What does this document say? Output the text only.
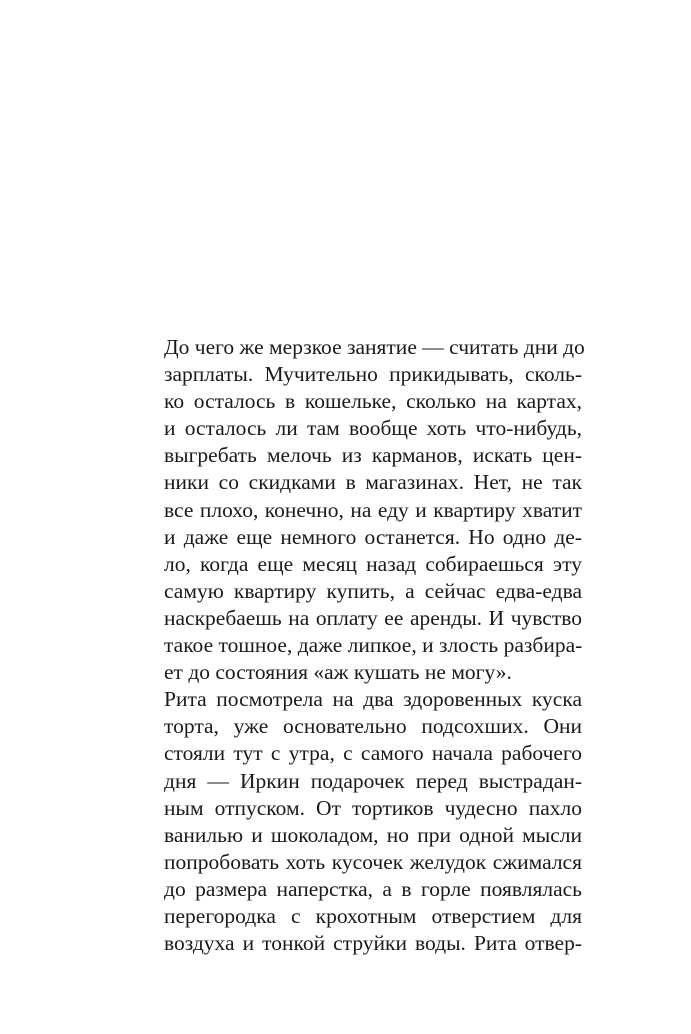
До чего же мерзкое занятие — считать дни до
зарплаты. Мучительно прикидывать, сколь-
ко осталось в кошельке, сколько на картах,
и осталось ли там вообще хоть что-нибудь,
выгребать мелочь из карманов, искать цен-
ники со скидками в магазинах. Нет, не так
все плохо, конечно, на еду и квартиру хватит
и даже еще немного останется. Но одно де-
ло, когда еще месяц назад собираешься эту
самую квартиру купить, а сейчас едва-едва
наскребаешь на оплату ее аренды. И чувство
такое тошное, даже липкое, и злость разбира-
ет до состояния «аж кушать не могу».
Рита посмотрела на два здоровенных куска
торта, уже основательно подсохших. Они
стояли тут с утра, с самого начала рабочего
дня — Иркин подарочек перед выстрадан-
ным отпуском. От тортиков чудесно пахло
ванилью и шоколадом, но при одной мысли
попробовать хоть кусочек желудок сжимался
до размера наперстка, а в горле появлялась
перегородка с крохотным отверстием для
воздуха и тонкой струйки воды. Рита отвер-
